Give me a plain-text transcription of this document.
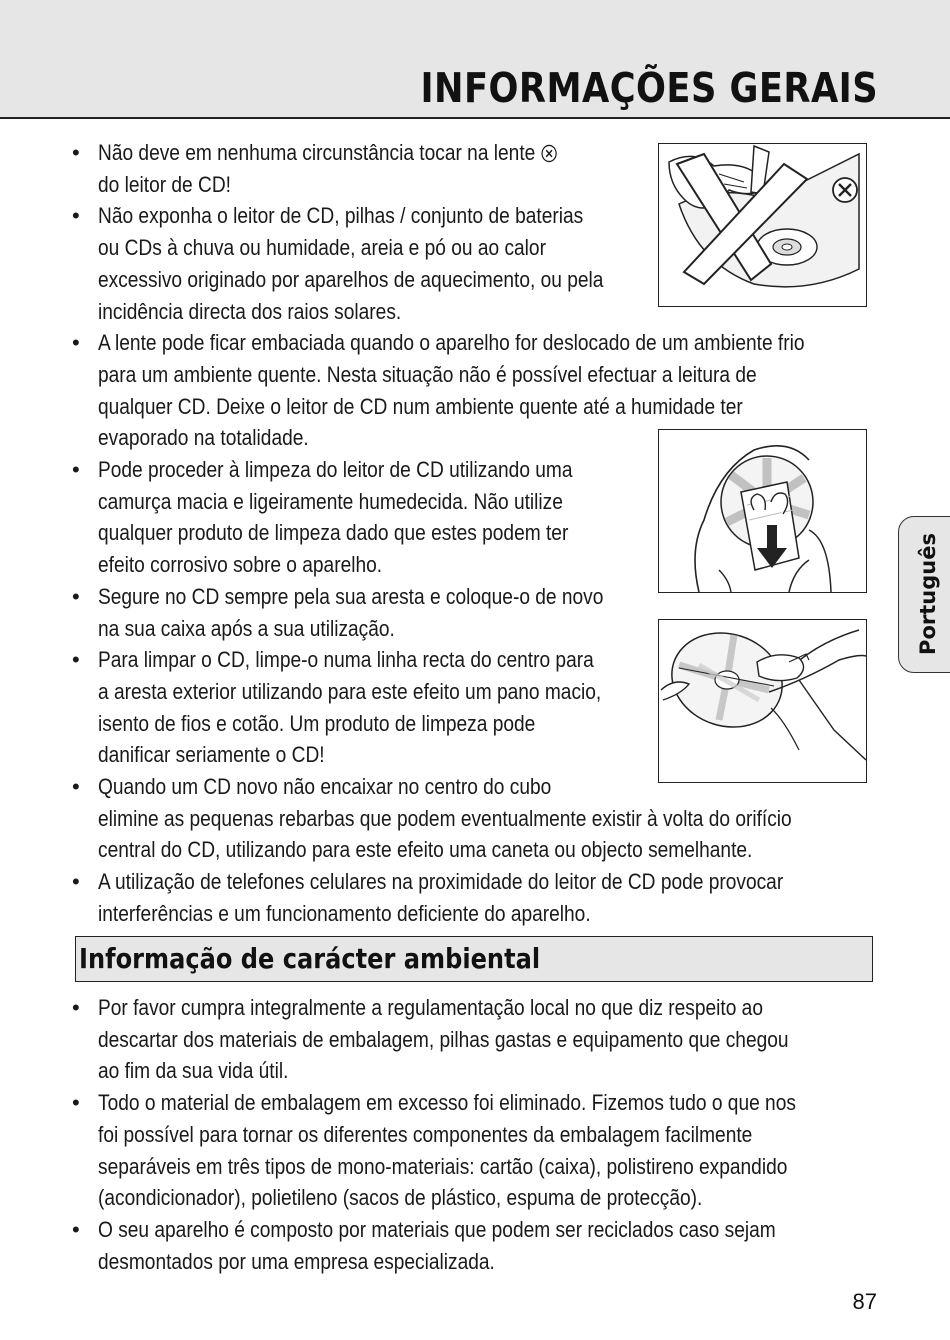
INFORMAÇÕES GERAIS
• Não deve em nenhuma circunstância tocar na lente
do leitor de CD!
• Não exponha o leitor de CD, pilhas / conjunto de baterias
ou CDs à chuva ou humidade, areia e pó ou ao calor
excessivo originado por aparelhos de aquecimento, ou pela
incidência directa dos raios solares.
• A lente pode ficar embaciada quando o aparelho for deslocado de um ambiente frio
para um ambiente quente. Nesta situação não é possível efectuar a leitura de
qualquer CD. Deixe o leitor de CD num ambiente quente até a humidade ter
evaporado na totalidade.
• Pode proceder à limpeza do leitor de CD utilizando uma
camurça macia e ligeiramente humedecida. Não utilize
qualquer produto de limpeza dado que estes podem ter
efeito corrosivo sobre o aparelho.
• Segure no CD sempre pela sua aresta e coloque-o de novo
na sua caixa após a sua utilização.
• Para limpar o CD, limpe-o numa linha recta do centro para
a aresta exterior utilizando para este efeito um pano macio,
isento de fios e cotão. Um produto de limpeza pode
danificar seriamente o CD!
• Quando um CD novo não encaixar no centro do cubo
elimine as pequenas rebarbas que podem eventualmente existir à volta do orifício
central do CD, utilizando para este efeito uma caneta ou objecto semelhante.
• A utilização de telefones celulares na proximidade do leitor de CD pode provocar
interferências e um funcionamento deficiente do aparelho.
Informação de carácter ambiental
• Por favor cumpra integralmente a regulamentação local no que diz respeito ao
descartar dos materiais de embalagem, pilhas gastas e equipamento que chegou
ao fim da sua vida útil.
• Todo o material de embalagem em excesso foi eliminado. Fizemos tudo o que nos
foi possível para tornar os diferentes componentes da embalagem facilmente
separáveis em três tipos de mono-materiais: cartão (caixa), polistireno expandido
(acondicionador), polietileno (sacos de plástico, espuma de protecção).
• O seu aparelho é composto por materiais que podem ser reciclados caso sejam
desmontados por uma empresa especializada.
Português
87
